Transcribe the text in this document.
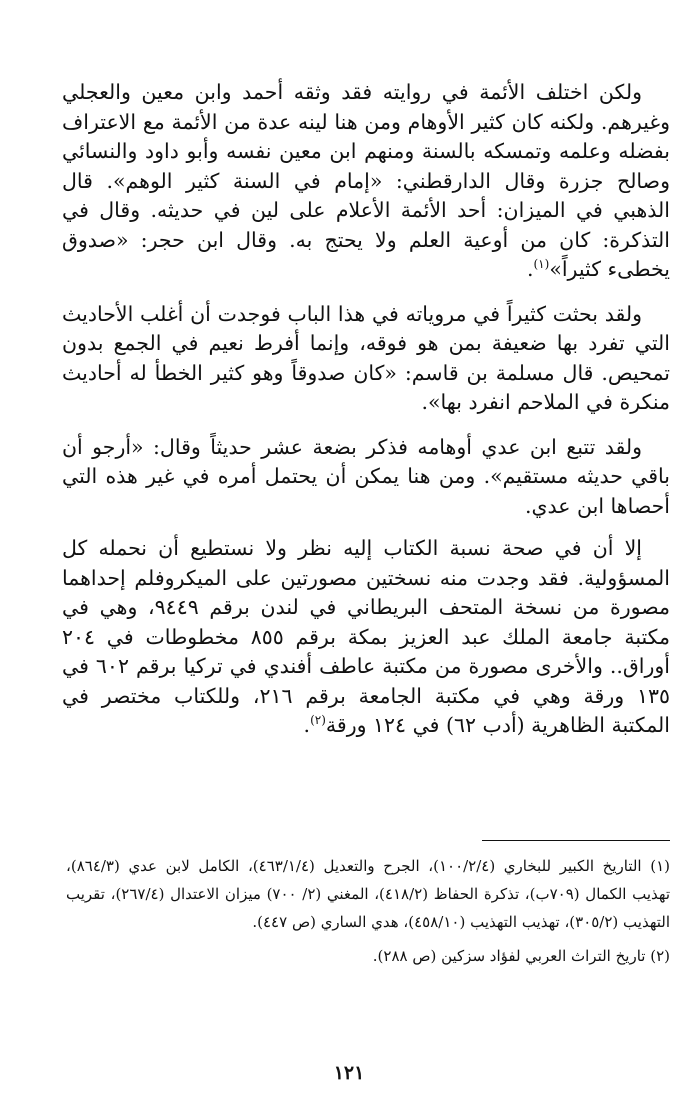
ولكن اختلف الأئمة في روايته فقد وثقه أحمد وابن معين والعجلي وغيرهم. ولكنه كان كثير الأوهام ومن هنا لينه عدة من الأئمة مع الاعتراف بفضله وعلمه وتمسكه بالسنة ومنهم ابن معين نفسه وأبو داود والنسائي وصالح جزرة وقال الدارقطني: «إمام في السنة كثير الوهم». قال الذهبي في الميزان: أحد الأئمة الأعلام على لين في حديثه. وقال في التذكرة: كان من أوعية العلم ولا يحتج به. وقال ابن حجر: «صدوق يخطىء كثيراً»$^{(١)}$.

ولقد بحثت كثيراً في مروياته في هذا الباب فوجدت أن أغلب الأحاديث التي تفرد بها ضعيفة بمن هو فوقه، وإنما أفرط نعيم في الجمع بدون تمحيص. قال مسلمة بن قاسم: «كان صدوقاً وهو كثير الخطأ له أحاديث منكرة في الملاحم انفرد بها».

ولقد تتبع ابن عدي أوهامه فذكر بضعة عشر حديثاً وقال: «أرجو أن باقي حديثه مستقيم». ومن هنا يمكن أن يحتمل أمره في غير هذه التي أحصاها ابن عدي.

إلا أن في صحة نسبة الكتاب إليه نظر ولا نستطيع أن نحمله كل المسؤولية. فقد وجدت منه نسختين مصورتين على الميكروفلم إحداهما مصورة من نسخة المتحف البريطاني في لندن برقم ٩٤٤٩، وهي في مكتبة جامعة الملك عبد العزيز بمكة برقم ٨٥٥ مخطوطات في ٢٠٤ أوراق.. والأخرى مصورة من مكتبة عاطف أفندي في تركيا برقم ٦٠٢ في ١٣٥ ورقة وهي في مكتبة الجامعة برقم ٢١٦، وللكتاب مختصر في المكتبة الظاهرية (أدب ٦٢) في ١٢٤ ورقة$^{(٢)}$.

(١) التاريخ الكبير للبخاري (١٠٠/٢/٤)، الجرح والتعديل (٤٦٣/١/٤)، الكامل لابن عدي (٨٦٤/٣)، تهذيب الكمال (٧٠٩ب)، تذكرة الحفاظ (٤١٨/٢)، المغني (٢/ ٧٠٠) ميزان الاعتدال (٢٦٧/٤)، تقريب التهذيب (٣٠٥/٢)، تهذيب التهذيب (٤٥٨/١٠)، هدي الساري (ص ٤٤٧).

(٢) تاريخ التراث العربي لفؤاد سزكين (ص ٢٨٨).

١٢١
